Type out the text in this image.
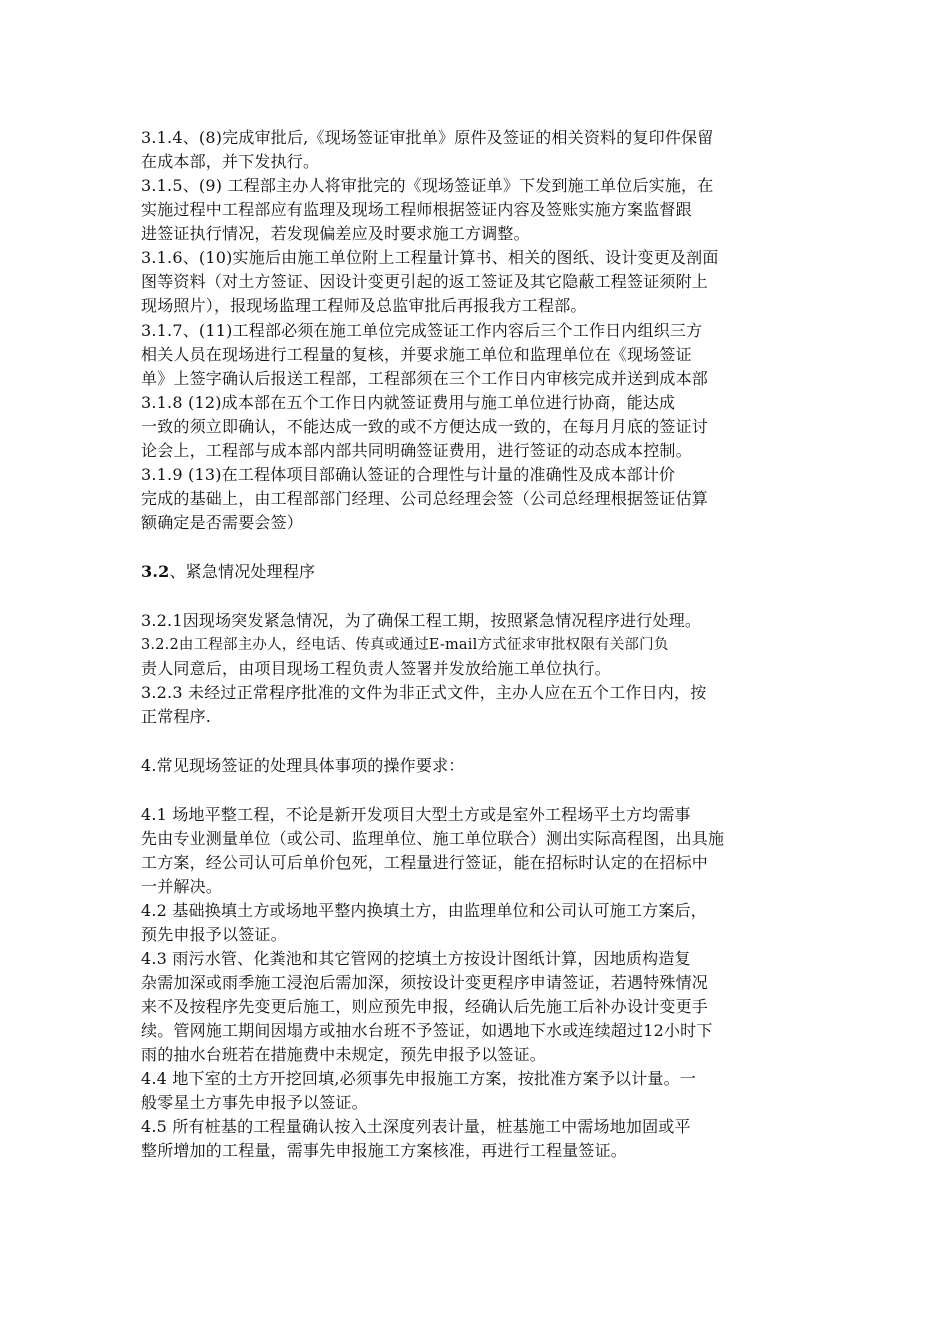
3.1.4、(8)完成审批后,《现场签证审批单》原件及签证的相关资料的复印件保留
在成本部，并下发执行。
3.1.5、(9) 工程部主办人将审批完的《现场签证单》下发到施工单位后实施，在
实施过程中工程部应有监理及现场工程师根据签证内容及签账实施方案监督跟
进签证执行情况，若发现偏差应及时要求施工方调整。
3.1.6、(10)实施后由施工单位附上工程量计算书、相关的图纸、设计变更及剖面
图等资料（对土方签证、因设计变更引起的返工签证及其它隐蔽工程签证须附上
现场照片），报现场监理工程师及总监审批后再报我方工程部。
3.1.7、(11)工程部必须在施工单位完成签证工作内容后三个工作日内组织三方
相关人员在现场进行工程量的复核，并要求施工单位和监理单位在《现场签证
单》上签字确认后报送工程部，工程部须在三个工作日内审核完成并送到成本部
3.1.8 (12)成本部在五个工作日内就签证费用与施工单位进行协商，能达成
一致的须立即确认，不能达成一致的或不方便达成一致的，在每月月底的签证讨
论会上，工程部与成本部内部共同明确签证费用，进行签证的动态成本控制。
3.1.9 (13)在工程体项目部确认签证的合理性与计量的准确性及成本部计价
完成的基础上，由工程部部门经理、公司总经理会签（公司总经理根据签证估算
额确定是否需要会签）
3.2、紧急情况处理程序
3.2.1因现场突发紧急情况，为了确保工程工期，按照紧急情况程序进行处理。
3.2.2由工程部主办人，经电话、传真或通过E-mail方式征求审批权限有关部门负
责人同意后，由项目现场工程负责人签署并发放给施工单位执行。
3.2.3 未经过正常程序批准的文件为非正式文件，主办人应在五个工作日内，按
正常程序.
4.常见现场签证的处理具体事项的操作要求：
4.1 场地平整工程，不论是新开发项目大型土方或是室外工程场平土方均需事
先由专业测量单位（或公司、监理单位、施工单位联合）测出实际高程图，出具施
工方案，经公司认可后单价包死，工程量进行签证，能在招标时认定的在招标中
一并解决。
4.2 基础换填土方或场地平整内换填土方，由监理单位和公司认可施工方案后，
预先申报予以签证。
4.3 雨污水管、化粪池和其它管网的挖填土方按设计图纸计算，因地质构造复
杂需加深或雨季施工浸泡后需加深，须按设计变更程序申请签证，若遇特殊情况
来不及按程序先变更后施工，则应预先申报，经确认后先施工后补办设计变更手
续。管网施工期间因塌方或抽水台班不予签证，如遇地下水或连续超过12小时下
雨的抽水台班若在措施费中未规定，预先申报予以签证。
4.4 地下室的土方开挖回填,必须事先申报施工方案，按批准方案予以计量。一
般零星土方事先申报予以签证。
4.5 所有桩基的工程量确认按入土深度列表计量，桩基施工中需场地加固或平
整所增加的工程量，需事先申报施工方案核准，再进行工程量签证。
